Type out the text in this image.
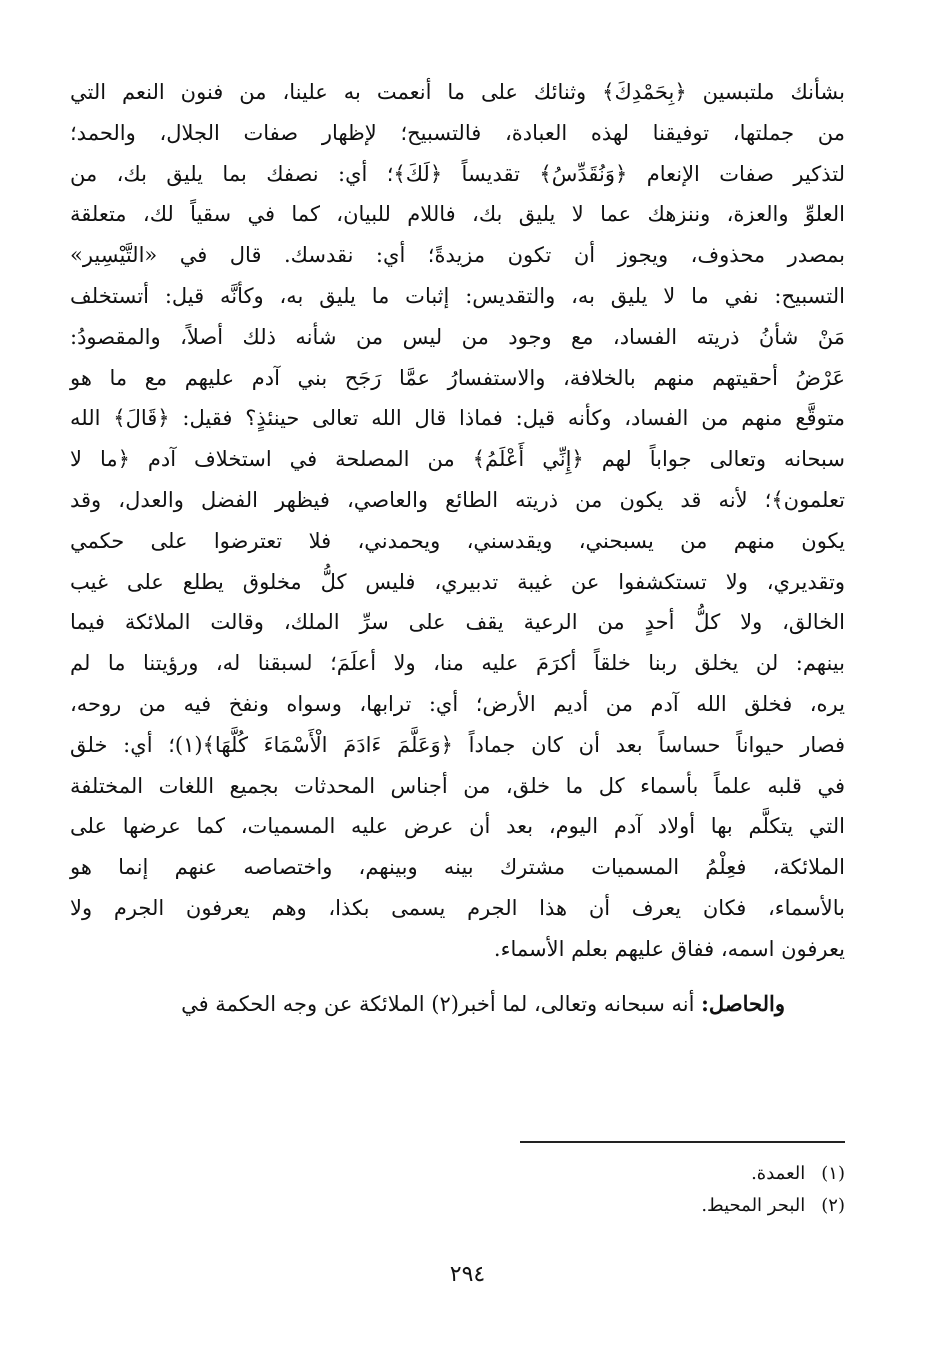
بشأنك ملتبسين ﴿بِحَمْدِكَ﴾ وثنائك على ما أنعمت به علينا، من فنون النعم التي
من جملتها، توفيقنا لهذه العبادة، فالتسبيح؛ لإظهار صفات الجلال، والحمد؛
لتذكير صفات الإنعام ﴿وَنُقَدِّسُ﴾ تقديساً ﴿لَكَ﴾؛ أي: نصفك بما يليق بك، من
العلوِّ والعزة، وننزهك عما لا يليق بك، فاللام للبيان، كما في سقياً لك، متعلقة
بمصدر محذوف، ويجوز أن تكون مزيدةً؛ أي: نقدسك. قال في «التَّيْسِير»
التسبيح: نفي ما لا يليق به، والتقديس: إثبات ما يليق به، وكأنَّه قيل: أتستخلف
مَنْ شأنُ ذريته الفساد، مع وجود من ليس من شأنه ذلك أصلاً، والمقصودُ:
عَرْضُ أحقيتهم منهم بالخلافة، والاستفسارُ عمَّا رَجَح بني آدم عليهم مع ما هو
متوقَّع منهم من الفساد، وكأنه قيل: فماذا قال الله تعالى حينئذٍ؟ فقيل: ﴿قَالَ﴾ الله
سبحانه وتعالى جواباً لهم ﴿إِنِّي أَعْلَمُ﴾ من المصلحة في استخلاف آدم ﴿ما لا
تعلمون﴾؛ لأنه قد يكون من ذريته الطائع والعاصي، فيظهر الفضل والعدل، وقد
يكون منهم من يسبحني، ويقدسني، ويحمدني، فلا تعترضوا على حكمي
وتقديري، ولا تستكشفوا عن غيبة تدبيري، فليس كلُّ مخلوق يطلع على غيب
الخالق، ولا كلُّ أحدٍ من الرعية يقف على سرِّ الملك، وقالت الملائكة فيما
بينهم: لن يخلق ربنا خلقاً أكرَمَ عليه منا، ولا أعلَمَ؛ لسبقنا له، ورؤيتنا ما لم
يره، فخلق الله آدم من أديم الأرض؛ أي: ترابها، وسواه ونفخ فيه من روحه،
فصار حيواناً حساساً بعد أن كان جماداً ﴿وَعَلَّمَ ءَادَمَ الْأَسْمَاءَ كُلَّهَا﴾(١)؛ أي: خلق
في قلبه علماً بأسماء كل ما خلق، من أجناس المحدثات بجميع اللغات المختلفة
التي يتكلَّم بها أولاد آدم اليوم، بعد أن عرض عليه المسميات، كما عرضها على
الملائكة، فعِلْمُ المسميات مشترك بينه وبينهم، واختصاصه عنهم إنما هو
بالأسماء، فكان يعرف أن هذا الجرم يسمى بكذا، وهم يعرفون الجرم ولا
يعرفون اسمه، ففاق عليهم بعلم الأسماء.

والحاصل: أنه سبحانه وتعالى، لما أخبر(٢) الملائكة عن وجه الحكمة في

(١) العمدة.
(٢) البحر المحيط.
٢٩٤
